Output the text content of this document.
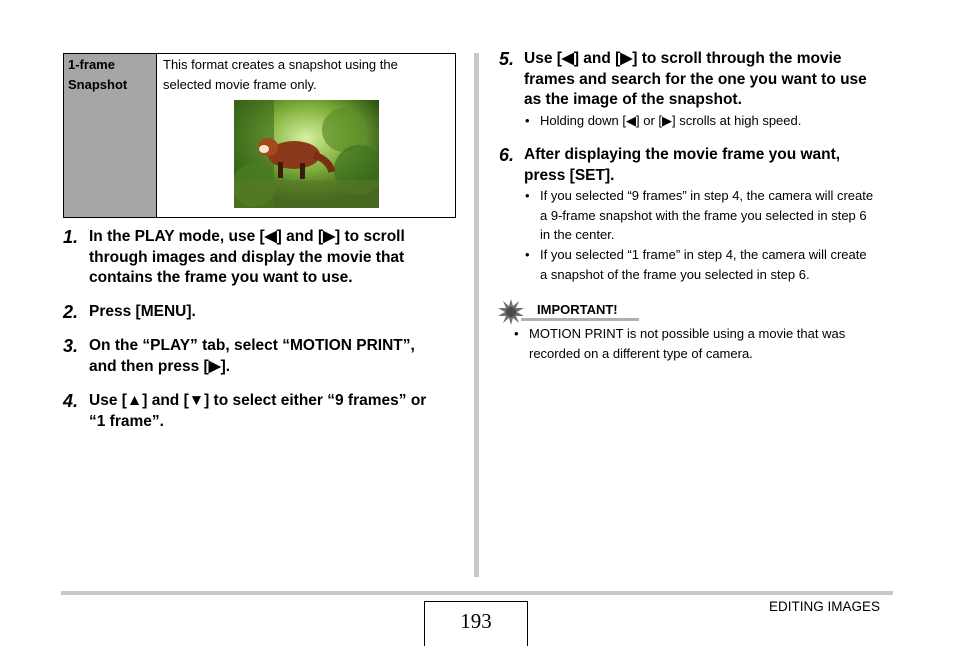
1-frame
Snapshot
This format creates a snapshot using the
selected movie frame only.
1. In the PLAY mode, use [◀] and [▶] to scroll
through images and display the movie that
contains the frame you want to use.
2. Press [MENU].
3. On the “PLAY” tab, select “MOTION PRINT”,
and then press [▶].
4. Use [▲] and [▼] to select either “9 frames” or
“1 frame”.
5. Use [◀] and [▶] to scroll through the movie
frames and search for the one you want to use
as the image of the snapshot.
• Holding down [◀] or [▶] scrolls at high speed.
6. After displaying the movie frame you want,
press [SET].
• If you selected “9 frames” in step 4, the camera will create
a 9-frame snapshot with the frame you selected in step 6
in the center.
• If you selected “1 frame” in step 4, the camera will create
a snapshot of the frame you selected in step 6.
IMPORTANT!
• MOTION PRINT is not possible using a movie that was
recorded on a different type of camera.
193
EDITING IMAGES
